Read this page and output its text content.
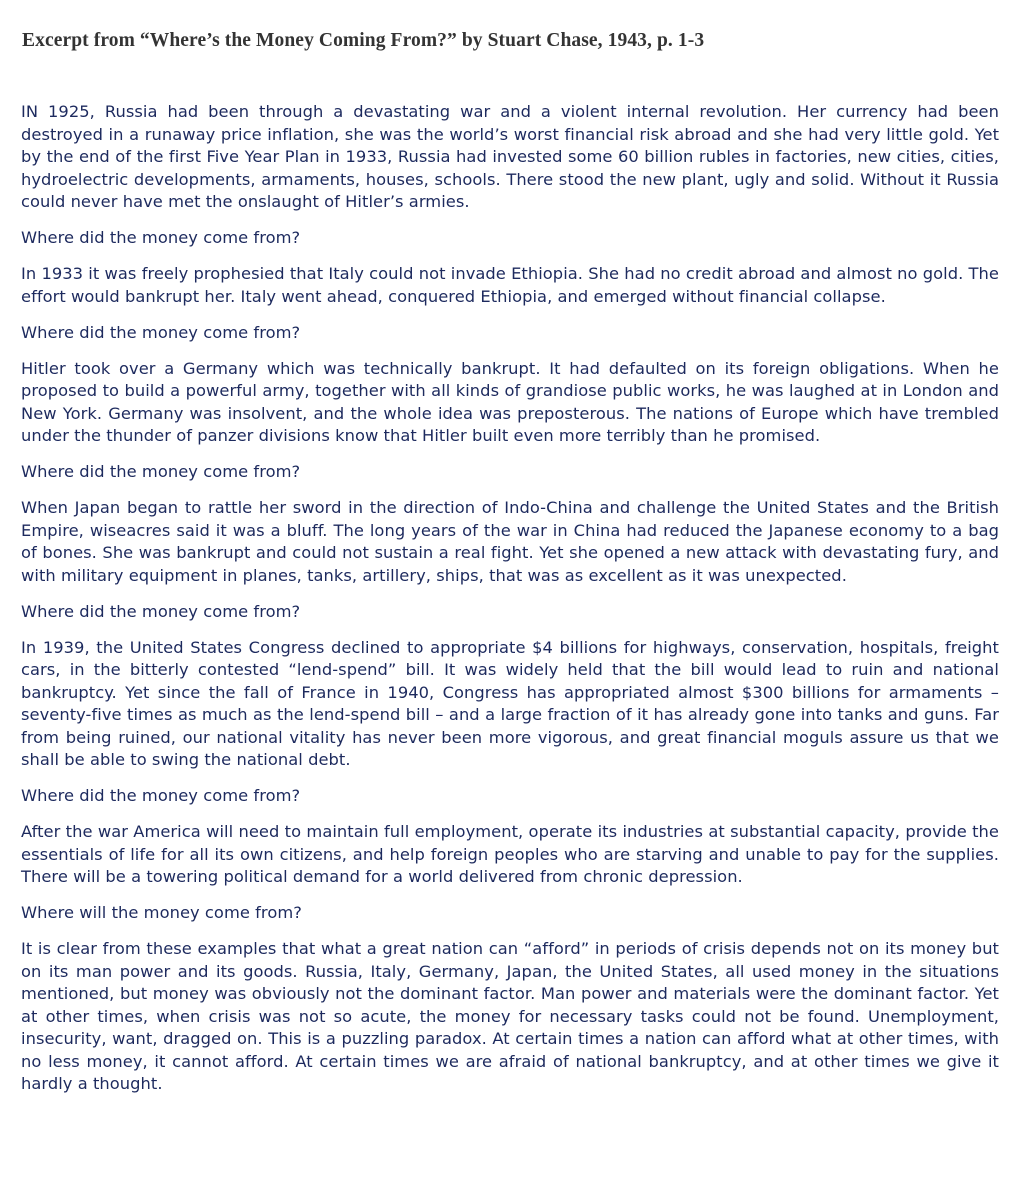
Excerpt from “Where’s the Money Coming From?” by Stuart Chase, 1943, p. 1-3

IN 1925, Russia had been through a devastating war and a violent internal revolution. Her currency had been destroyed in a runaway price inflation, she was the world’s worst financial risk abroad and she had very little gold. Yet by the end of the first Five Year Plan in 1933, Russia had invested some 60 billion rubles in factories, new cities, cities, hydroelectric developments, armaments, houses, schools. There stood the new plant, ugly and solid. Without it Russia could never have met the onslaught of Hitler’s armies.

Where did the money come from?

In 1933 it was freely prophesied that Italy could not invade Ethiopia. She had no credit abroad and almost no gold. The effort would bankrupt her. Italy went ahead, conquered Ethiopia, and emerged without financial collapse.

Where did the money come from?

Hitler took over a Germany which was technically bankrupt. It had defaulted on its foreign obligations. When he proposed to build a powerful army, together with all kinds of grandiose public works, he was laughed at in London and New York. Germany was insolvent, and the whole idea was preposterous. The nations of Europe which have trembled under the thunder of panzer divisions know that Hitler built even more terribly than he promised.

Where did the money come from?

When Japan began to rattle her sword in the direction of Indo-China and challenge the United States and the British Empire, wiseacres said it was a bluff. The long years of the war in China had reduced the Japanese economy to a bag of bones. She was bankrupt and could not sustain a real fight. Yet she opened a new attack with devastating fury, and with military equipment in planes, tanks, artillery, ships, that was as excellent as it was unexpected.

Where did the money come from?

In 1939, the United States Congress declined to appropriate $4 billions for highways, conservation, hospitals, freight cars, in the bitterly contested “lend-spend” bill. It was widely held that the bill would lead to ruin and national bankruptcy. Yet since the fall of France in 1940, Congress has appropriated almost $300 billions for armaments – seventy-five times as much as the lend-spend bill – and a large fraction of it has already gone into tanks and guns. Far from being ruined, our national vitality has never been more vigorous, and great financial moguls assure us that we shall be able to swing the national debt.

Where did the money come from?

After the war America will need to maintain full employment, operate its industries at substantial capacity, provide the essentials of life for all its own citizens, and help foreign peoples who are starving and unable to pay for the supplies. There will be a towering political demand for a world delivered from chronic depression.

Where will the money come from?

It is clear from these examples that what a great nation can “afford” in periods of crisis depends not on its money but on its man power and its goods. Russia, Italy, Germany, Japan, the United States, all used money in the situations mentioned, but money was obviously not the dominant factor. Man power and materials were the dominant factor. Yet at other times, when crisis was not so acute, the money for necessary tasks could not be found. Unemployment, insecurity, want, dragged on. This is a puzzling paradox. At certain times a nation can afford what at other times, with no less money, it cannot afford. At certain times we are afraid of national bankruptcy, and at other times we give it hardly a thought.
